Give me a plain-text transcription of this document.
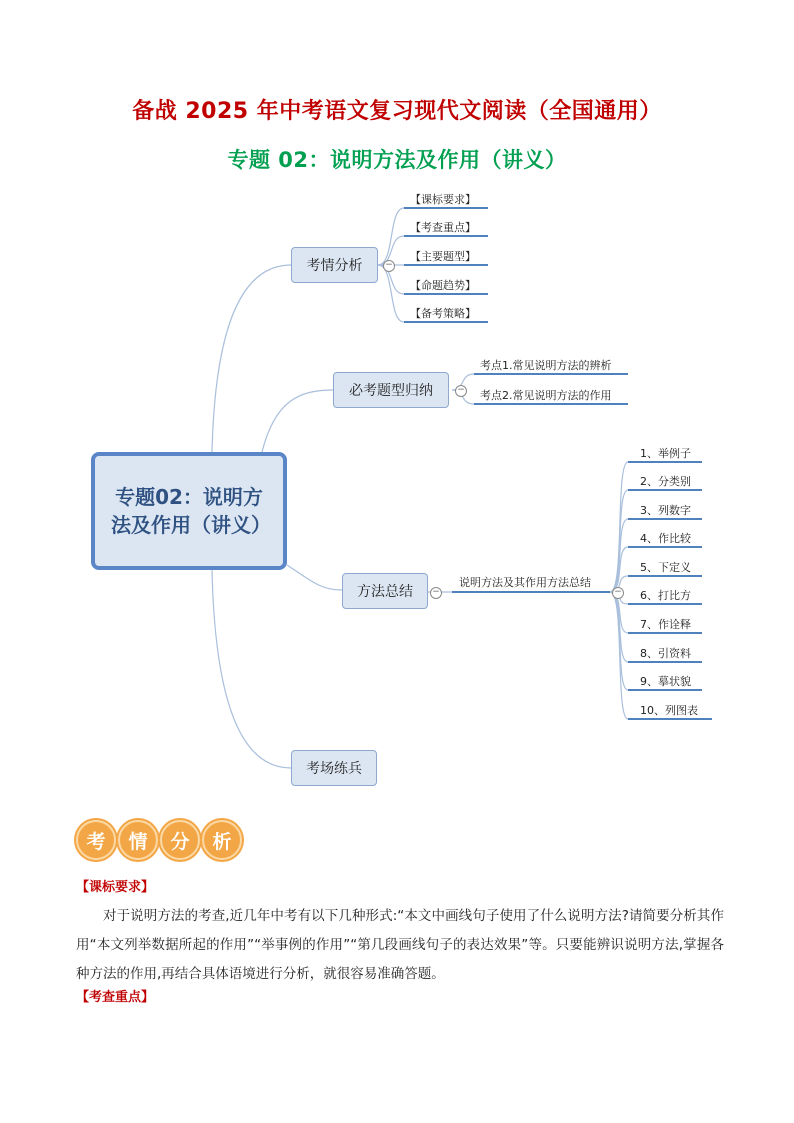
备战 2025 年中考语文复习现代文阅读（全国通用）
专题 02：说明方法及作用（讲义）
专题02：说明方法及作用（讲义）
考情分析	−
【课标要求】
【考查重点】
【主要题型】
【命题趋势】
【备考策略】
必考题型归纳	−
考点1.常见说明方法的辨析
考点2.常见说明方法的作用
方法总结	−
说明方法及其作用方法总结
−
1、举例子
2、分类别
3、列数字
4、作比较
5、下定义
6、打比方
7、作诠释
8、引资料
9、摹状貌
10、列图表
考场练兵
考	情	分	析
【课标要求】
对于说明方法的考查,近几年中考有以下几种形式:“本文中画线句子使用了什么说明方法?请简要分析其作用“本文列举数据所起的作用”“举事例的作用”“第几段画线句子的表达效果”等。只要能辨识说明方法,掌握各种方法的作用,再结合具体语境进行分析，就很容易准确答题。
【考查重点】
